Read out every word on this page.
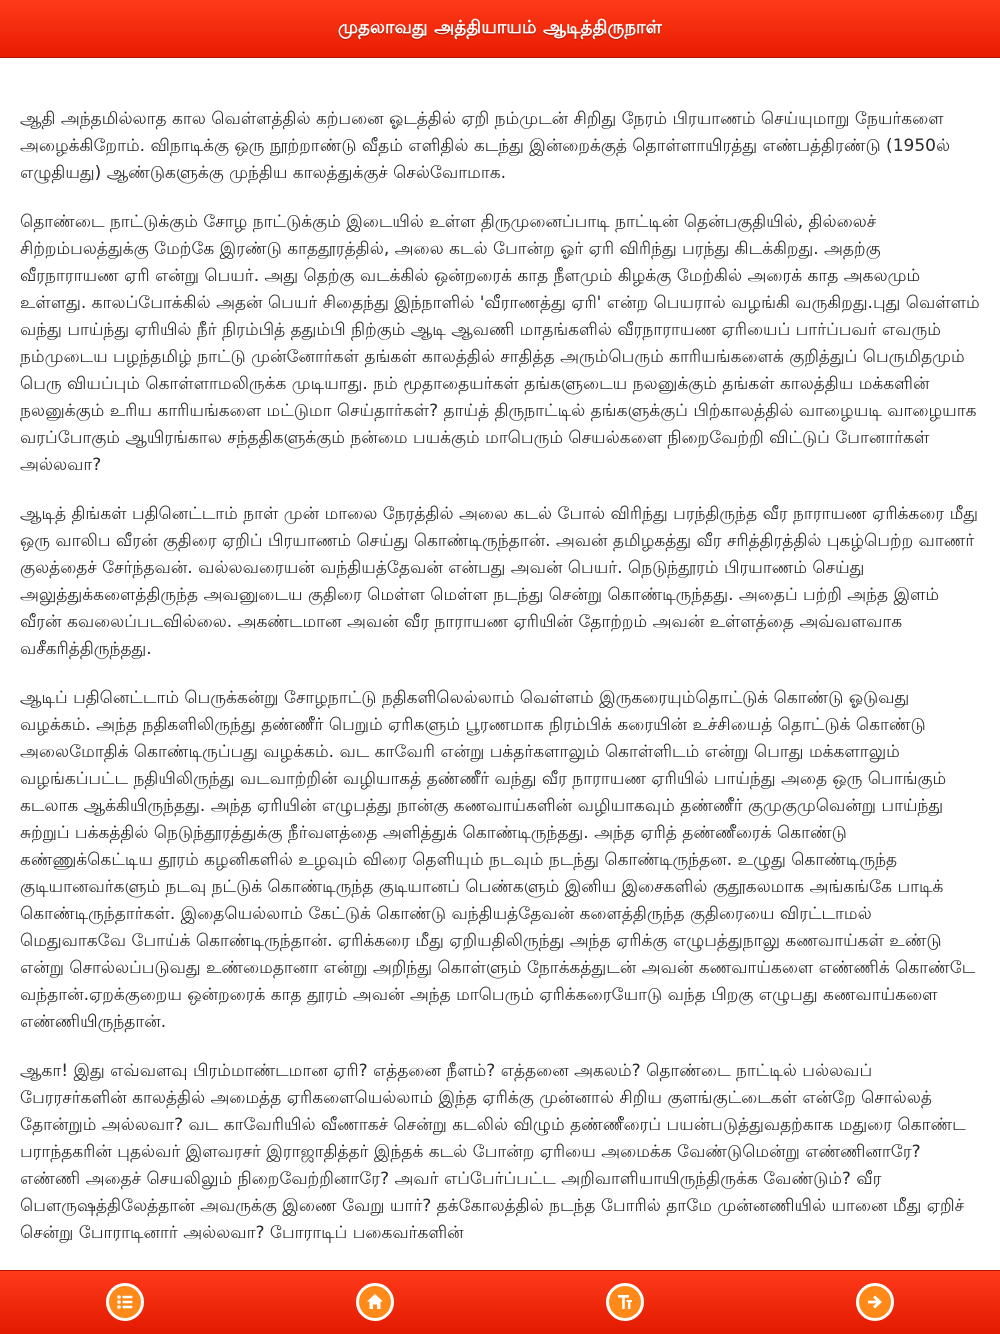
முதலாவது அத்தியாயம் ஆடித்திருநாள்

ஆதி அந்தமில்லாத கால வெள்ளத்தில் கற்பனை ஓடத்தில் ஏறி நம்முடன் சிறிது நேரம் பிரயாணம் செய்யுமாறு நேயர்களை அழைக்கிறோம். விநாடிக்கு ஒரு நூற்றாண்டு வீதம் எளிதில் கடந்து இன்றைக்குத் தொள்ளாயிரத்து எண்பத்திரண்டு (1950ல் எழுதியது) ஆண்டுகளுக்கு முந்திய காலத்துக்குச் செல்வோமாக.

தொண்டை நாட்டுக்கும் சோழ நாட்டுக்கும் இடையில் உள்ள திருமுனைப்பாடி நாட்டின் தென்பகுதியில், தில்லைச் சிற்றம்பலத்துக்கு மேற்கே இரண்டு காததூரத்தில், அலை கடல் போன்ற ஓர் ஏரி விரிந்து பரந்து கிடக்கிறது. அதற்கு வீரநாராயண ஏரி என்று பெயர். அது தெற்கு வடக்கில் ஒன்றரைக் காத நீளமும் கிழக்கு மேற்கில் அரைக் காத அகலமும் உள்ளது. காலப்போக்கில் அதன் பெயர் சிதைந்து இந்நாளில் 'வீராணத்து ஏரி' என்ற பெயரால் வழங்கி வருகிறது.புது வெள்ளம் வந்து பாய்ந்து ஏரியில் நீர் நிரம்பித் ததும்பி நிற்கும் ஆடி ஆவணி மாதங்களில் வீரநாராயண ஏரியைப் பார்ப்பவர் எவரும் நம்முடைய பழந்தமிழ் நாட்டு முன்னோர்கள் தங்கள் காலத்தில் சாதித்த அரும்பெரும் காரியங்களைக் குறித்துப் பெருமிதமும் பெரு வியப்பும் கொள்ளாமலிருக்க முடியாது. நம் மூதாதையர்கள் தங்களுடைய நலனுக்கும் தங்கள் காலத்திய மக்களின் நலனுக்கும் உரிய காரியங்களை மட்டுமா செய்தார்கள்? தாய்த் திருநாட்டில் தங்களுக்குப் பிற்காலத்தில் வாழையடி வாழையாக வரப்போகும் ஆயிரங்கால சந்ததிகளுக்கும் நன்மை பயக்கும் மாபெரும் செயல்களை நிறைவேற்றி விட்டுப் போனார்கள் அல்லவா?

ஆடித் திங்கள் பதினெட்டாம் நாள் முன் மாலை நேரத்தில் அலை கடல் போல் விரிந்து பரந்திருந்த வீர நாராயண ஏரிக்கரை மீது ஒரு வாலிப வீரன் குதிரை ஏறிப் பிரயாணம் செய்து கொண்டிருந்தான். அவன் தமிழகத்து வீர சரித்திரத்தில் புகழ்பெற்ற வாணர் குலத்தைச் சேர்ந்தவன். வல்லவரையன் வந்தியத்தேவன் என்பது அவன் பெயர். நெடுந்தூரம் பிரயாணம் செய்து அலுத்துக்களைத்திருந்த அவனுடைய குதிரை மெள்ள மெள்ள நடந்து சென்று கொண்டிருந்தது. அதைப் பற்றி அந்த இளம் வீரன் கவலைப்படவில்லை. அகண்டமான அவன் வீர நாராயண ஏரியின் தோற்றம் அவன் உள்ளத்தை அவ்வளவாக வசீகரித்திருந்தது.

ஆடிப் பதினெட்டாம் பெருக்கன்று சோழநாட்டு நதிகளிலெல்லாம் வெள்ளம் இருகரையும்தொட்டுக் கொண்டு ஓடுவது வழக்கம். அந்த நதிகளிலிருந்து தண்ணீர் பெறும் ஏரிகளும் பூரணமாக நிரம்பிக் கரையின் உச்சியைத் தொட்டுக் கொண்டு அலைமோதிக் கொண்டிருப்பது வழக்கம். வட காவேரி என்று பக்தர்களாலும் கொள்ளிடம் என்று பொது மக்களாலும் வழங்கப்பட்ட நதியிலிருந்து வடவாற்றின் வழியாகத் தண்ணீர் வந்து வீர நாராயண ஏரியில் பாய்ந்து அதை ஒரு பொங்கும் கடலாக ஆக்கியிருந்தது. அந்த ஏரியின் எழுபத்து நான்கு கணவாய்களின் வழியாகவும் தண்ணீர் குமுகுமுவென்று பாய்ந்து சுற்றுப் பக்கத்தில் நெடுந்தூரத்துக்கு நீர்வளத்தை அளித்துக் கொண்டிருந்தது. அந்த ஏரித் தண்ணீரைக் கொண்டு கண்ணுக்கெட்டிய தூரம் கழனிகளில் உழவும் விரை தெளியும் நடவும் நடந்து கொண்டிருந்தன. உழுது கொண்டிருந்த குடியானவர்களும் நடவு நட்டுக் கொண்டிருந்த குடியானப் பெண்களும் இனிய இசைகளில் குதூகலமாக அங்கங்கே பாடிக் கொண்டிருந்தார்கள். இதையெல்லாம் கேட்டுக் கொண்டு வந்தியத்தேவன் களைத்திருந்த குதிரையை விரட்டாமல் மெதுவாகவே போய்க் கொண்டிருந்தான். ஏரிக்கரை மீது ஏறியதிலிருந்து அந்த ஏரிக்கு எழுபத்துநாலு கணவாய்கள் உண்டு என்று சொல்லப்படுவது உண்மைதானா என்று அறிந்து கொள்ளும் நோக்கத்துடன் அவன் கணவாய்களை எண்ணிக் கொண்டே வந்தான்.ஏறக்குறைய ஒன்றரைக் காத தூரம் அவன் அந்த மாபெரும் ஏரிக்கரையோடு வந்த பிறகு எழுபது கணவாய்களை எண்ணியிருந்தான்.

ஆகா! இது எவ்வளவு பிரம்மாண்டமான ஏரி? எத்தனை நீளம்? எத்தனை அகலம்? தொண்டை நாட்டில் பல்லவப் பேரரசர்களின் காலத்தில் அமைத்த ஏரிகளையெல்லாம் இந்த ஏரிக்கு முன்னால் சிறிய குளங்குட்டைகள் என்றே சொல்லத் தோன்றும் அல்லவா? வட காவேரியில் வீணாகச் சென்று கடலில் விழும் தண்ணீரைப் பயன்படுத்துவதற்காக மதுரை கொண்ட பராந்தகரின் புதல்வர் இளவரசர் இராஜாதித்தர் இந்தக் கடல் போன்ற ஏரியை அமைக்க வேண்டுமென்று எண்ணினாரே? எண்ணி அதைச் செயலிலும் நிறைவேற்றினாரே? அவர் எப்பேர்ப்பட்ட அறிவாளியாயிருந்திருக்க வேண்டும்? வீர பௌருஷத்திலேத்தான் அவருக்கு இணை வேறு யார்? தக்கோலத்தில் நடந்த போரில் தாமே முன்னணியில் யானை மீது ஏறிச் சென்று போராடினார் அல்லவா? போராடிப் பகைவர்களின்
